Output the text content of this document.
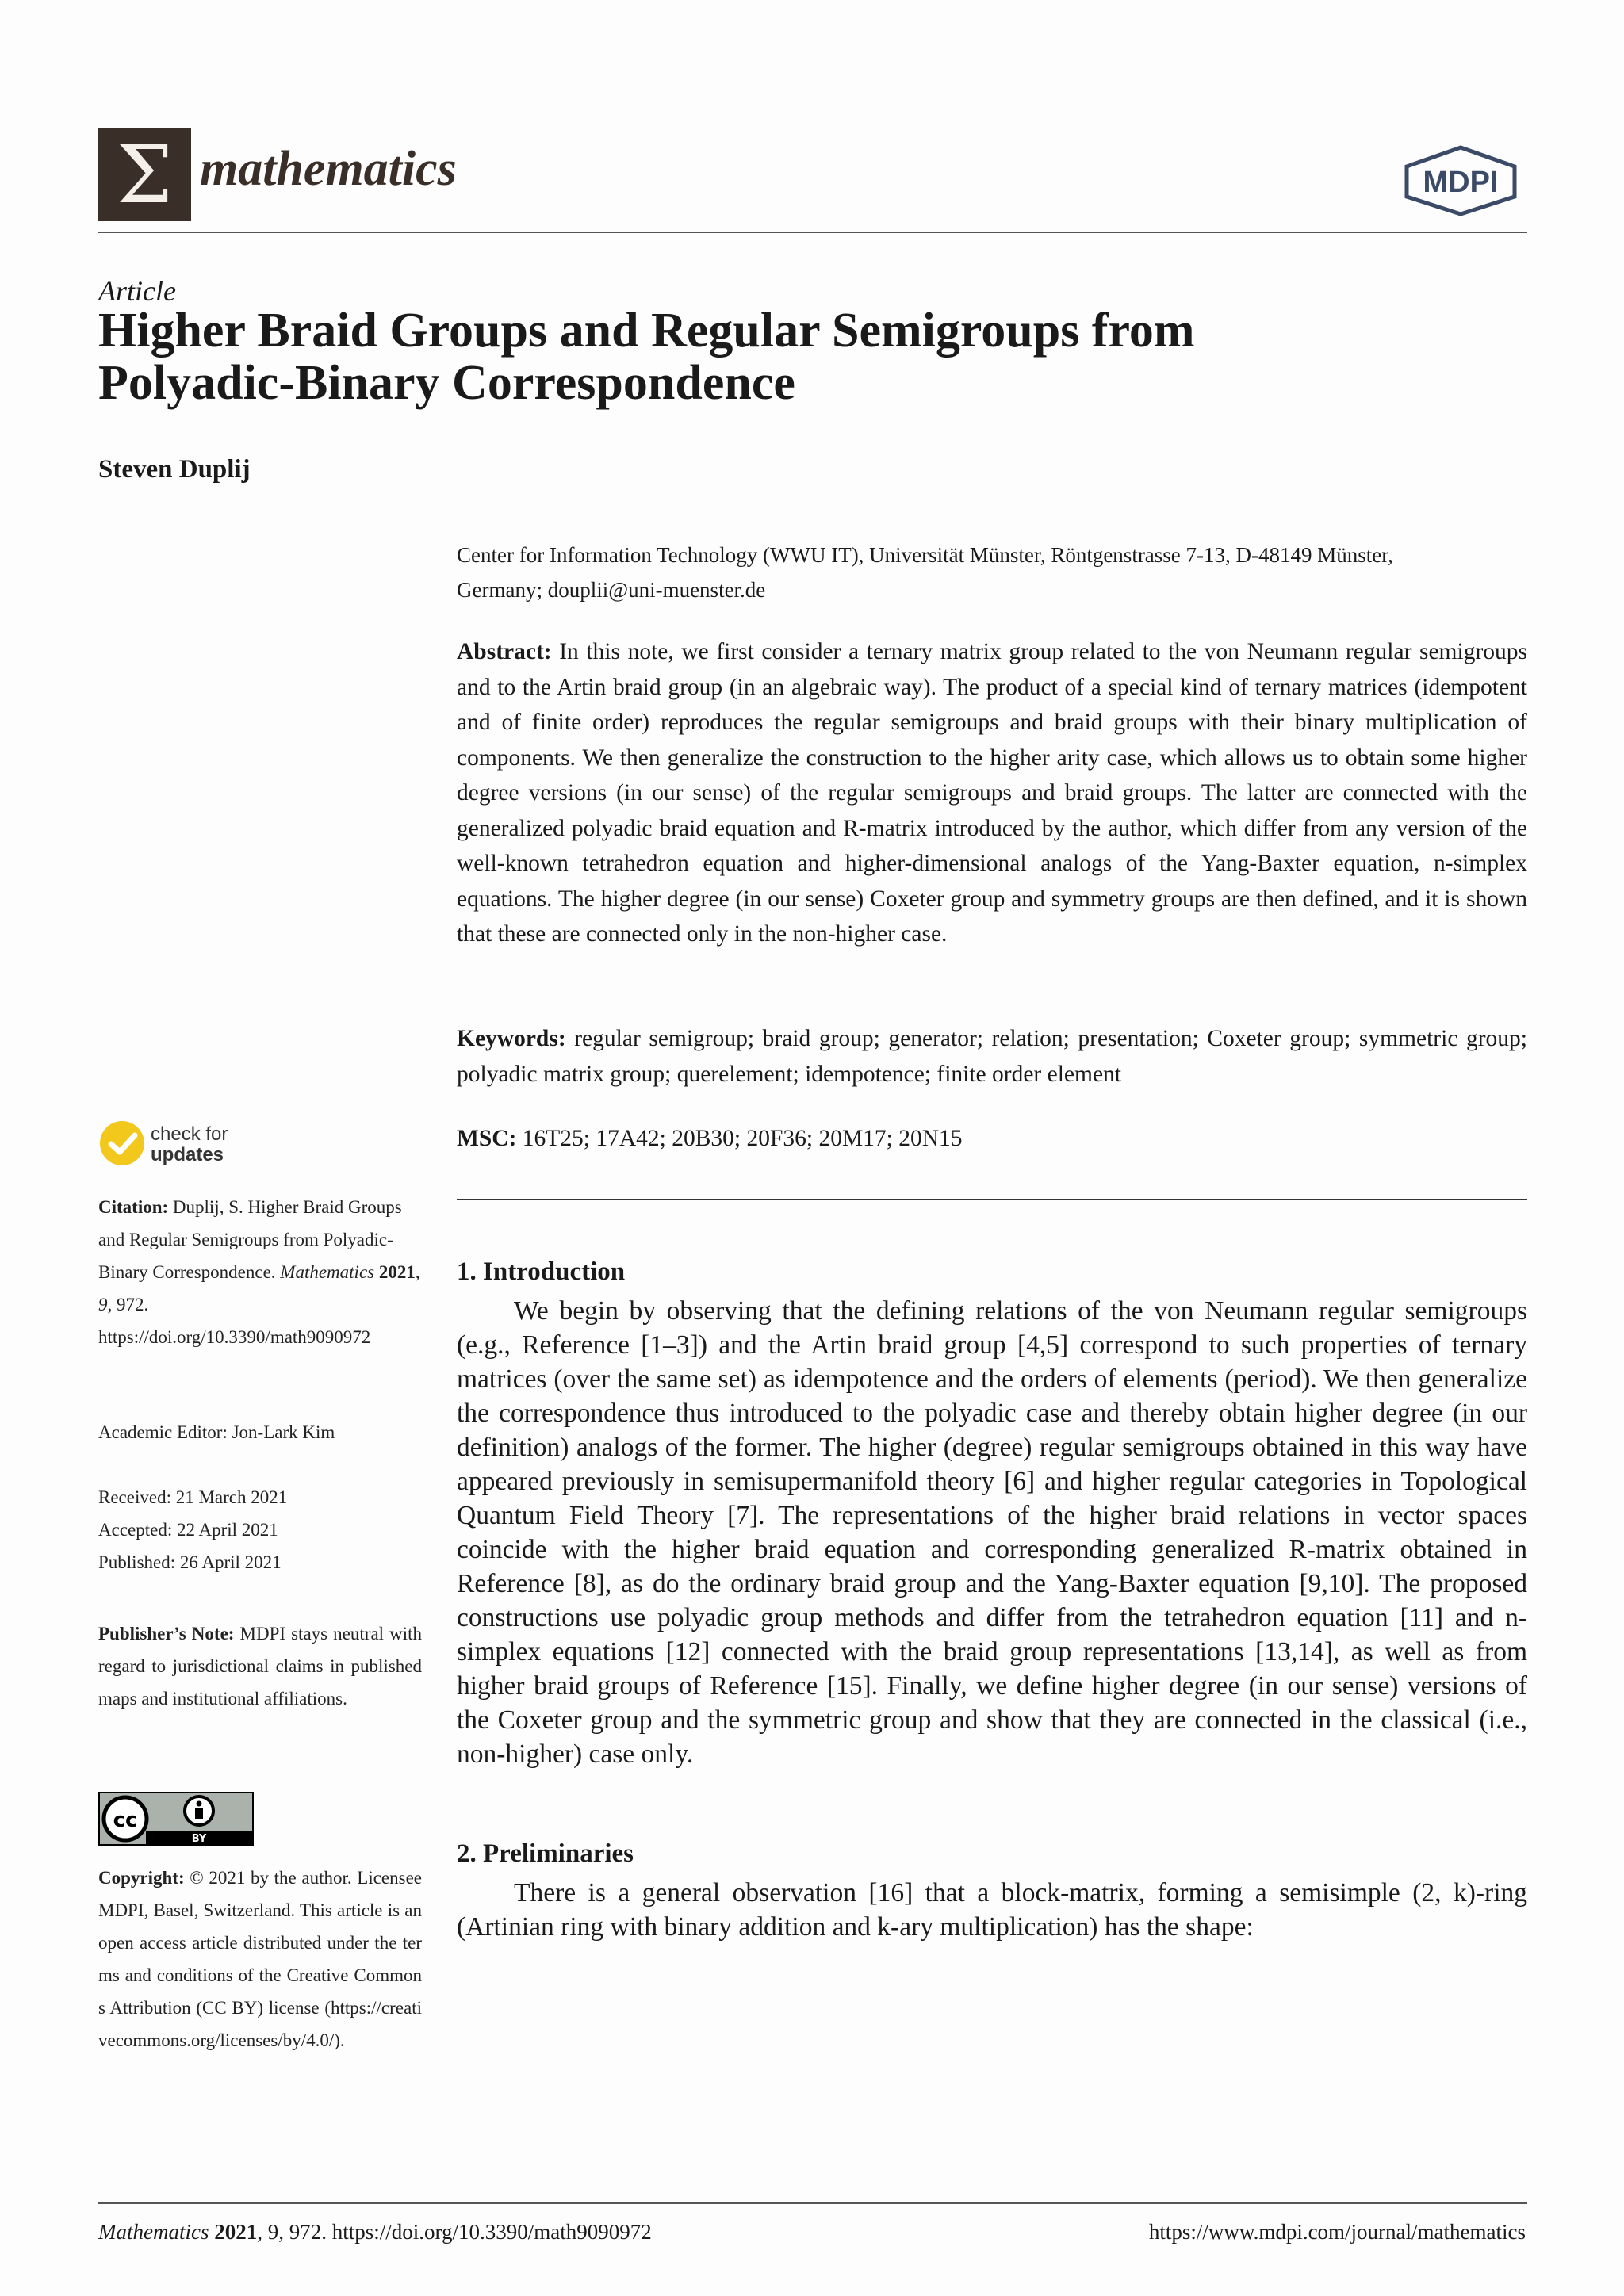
Σ mathematics	MDPI
Article
Higher Braid Groups and Regular Semigroups from Polyadic-Binary Correspondence
Steven Duplij
Center for Information Technology (WWU IT), Universität Münster, Röntgenstrasse 7-13, D-48149 Münster, Germany; douplii@uni-muenster.de
Abstract: In this note, we first consider a ternary matrix group related to the von Neumann regular semigroups and to the Artin braid group (in an algebraic way). The product of a special kind of ternary matrices (idempotent and of finite order) reproduces the regular semigroups and braid groups with their binary multiplication of components. We then generalize the construction to the higher arity case, which allows us to obtain some higher degree versions (in our sense) of the regular semigroups and braid groups. The latter are connected with the generalized polyadic braid equation and R-matrix introduced by the author, which differ from any version of the well-known tetrahedron equation and higher-dimensional analogs of the Yang-Baxter equation, n-simplex equations. The higher degree (in our sense) Coxeter group and symmetry groups are then defined, and it is shown that these are connected only in the non-higher case.
Keywords: regular semigroup; braid group; generator; relation; presentation; Coxeter group; symmetric group; polyadic matrix group; querelement; idempotence; finite order element
MSC: 16T25; 17A42; 20B30; 20F36; 20M17; 20N15
check for
updates
Citation: Duplij, S. Higher Braid Groups and Regular Semigroups from Polyadic-Binary Correspondence. Mathematics 2021, 9, 972. https://doi.org/10.3390/math9090972
Academic Editor: Jon-Lark Kim
Received: 21 March 2021
Accepted: 22 April 2021
Published: 26 April 2021
Publisher’s Note: MDPI stays neutral with regard to jurisdictional claims in published maps and institutional affiliations.
cc
BY
Copyright: © 2021 by the author. Licensee MDPI, Basel, Switzerland. This article is an open access article distributed under the terms and conditions of the Creative Commons Attribution (CC BY) license (https://creativecommons.org/licenses/by/4.0/).
1. Introduction
We begin by observing that the defining relations of the von Neumann regular semigroups (e.g., Reference [1–3]) and the Artin braid group [4,5] correspond to such properties of ternary matrices (over the same set) as idempotence and the orders of elements (period). We then generalize the correspondence thus introduced to the polyadic case and thereby obtain higher degree (in our definition) analogs of the former. The higher (degree) regular semigroups obtained in this way have appeared previously in semisupermanifold theory [6] and higher regular categories in Topological Quantum Field Theory [7]. The representations of the higher braid relations in vector spaces coincide with the higher braid equation and corresponding generalized R-matrix obtained in Reference [8], as do the ordinary braid group and the Yang-Baxter equation [9,10]. The proposed constructions use polyadic group methods and differ from the tetrahedron equation [11] and n-simplex equations [12] connected with the braid group representations [13,14], as well as from higher braid groups of Reference [15]. Finally, we define higher degree (in our sense) versions of the Coxeter group and the symmetric group and show that they are connected in the classical (i.e., non-higher) case only.
2. Preliminaries
There is a general observation [16] that a block-matrix, forming a semisimple (2, k)-ring (Artinian ring with binary addition and k-ary multiplication) has the shape:
Mathematics 2021, 9, 972. https://doi.org/10.3390/math9090972	https://www.mdpi.com/journal/mathematics
